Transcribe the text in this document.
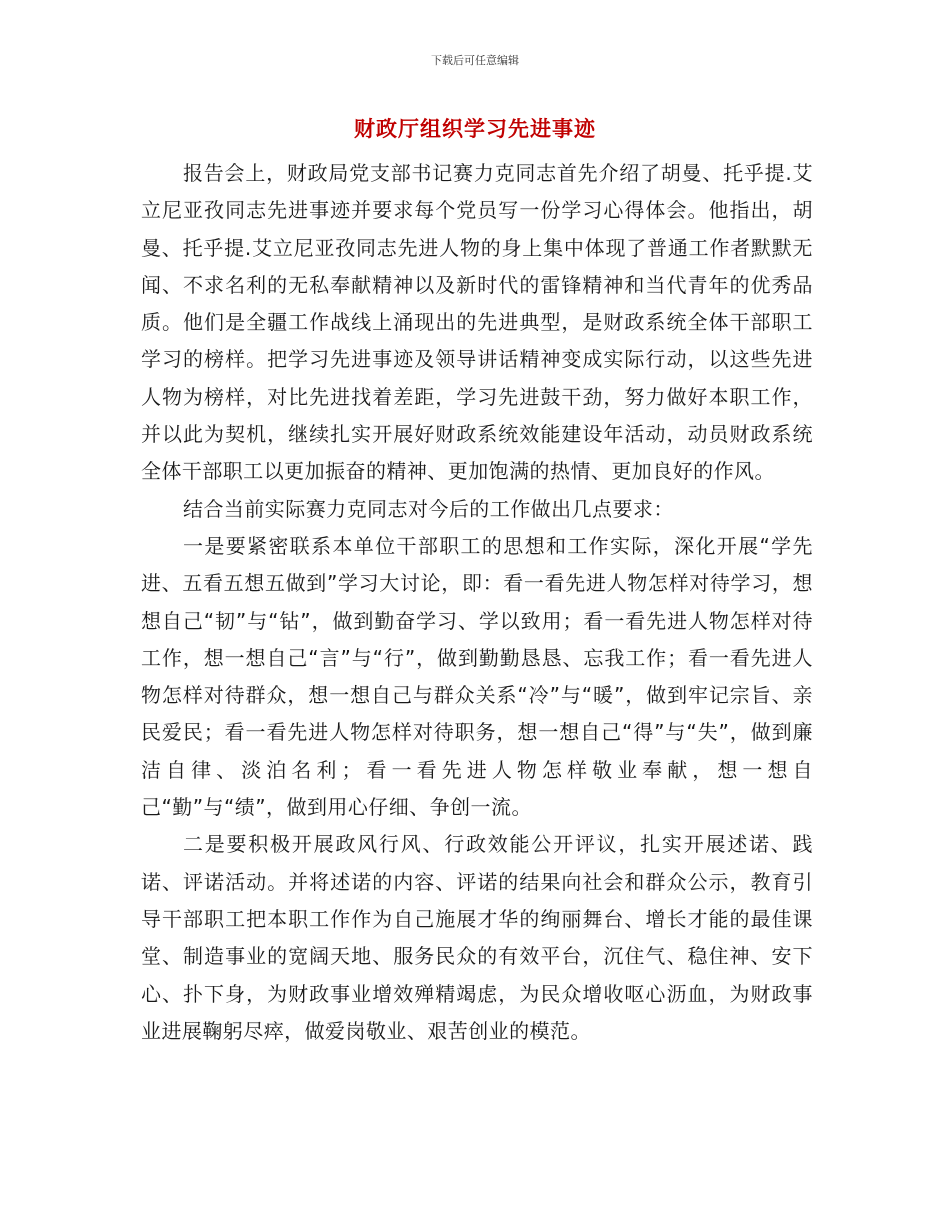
下载后可任意编辑
财政厅组织学习先进事迹

报告会上，财政局党支部书记赛力克同志首先介绍了胡曼、托乎提.艾立尼亚孜同志先进事迹并要求每个党员写一份学习心得体会。他指出，胡曼、托乎提.艾立尼亚孜同志先进人物的身上集中体现了普通工作者默默无闻、不求名利的无私奉献精神以及新时代的雷锋精神和当代青年的优秀品质。他们是全疆工作战线上涌现出的先进典型，是财政系统全体干部职工学习的榜样。把学习先进事迹及领导讲话精神变成实际行动，以这些先进人物为榜样，对比先进找着差距，学习先进鼓干劲，努力做好本职工作，并以此为契机，继续扎实开展好财政系统效能建设年活动，动员财政系统全体干部职工以更加振奋的精神、更加饱满的热情、更加良好的作风。

结合当前实际赛力克同志对今后的工作做出几点要求：

一是要紧密联系本单位干部职工的思想和工作实际，深化开展“学先进、五看五想五做到”学习大讨论，即：看一看先进人物怎样对待学习，想想自己“韧”与“钻”，做到勤奋学习、学以致用；看一看先进人物怎样对待工作，想一想自己“言”与“行”，做到勤勤恳恳、忘我工作；看一看先进人物怎样对待群众，想一想自己与群众关系“冷”与“暖”，做到牢记宗旨、亲民爱民；看一看先进人物怎样对待职务，想一想自己“得”与“失”，做到廉洁自律、淡泊名利；看一看先进人物怎样敬业奉献，想一想自己“勤”与“绩”，做到用心仔细、争创一流。

二是要积极开展政风行风、行政效能公开评议，扎实开展述诺、践诺、评诺活动。并将述诺的内容、评诺的结果向社会和群众公示，教育引导干部职工把本职工作作为自己施展才华的绚丽舞台、增长才能的最佳课堂、制造事业的宽阔天地、服务民众的有效平台，沉住气、稳住神、安下心、扑下身，为财政事业增效殚精竭虑，为民众增收呕心沥血，为财政事业进展鞠躬尽瘁，做爱岗敬业、艰苦创业的模范。
